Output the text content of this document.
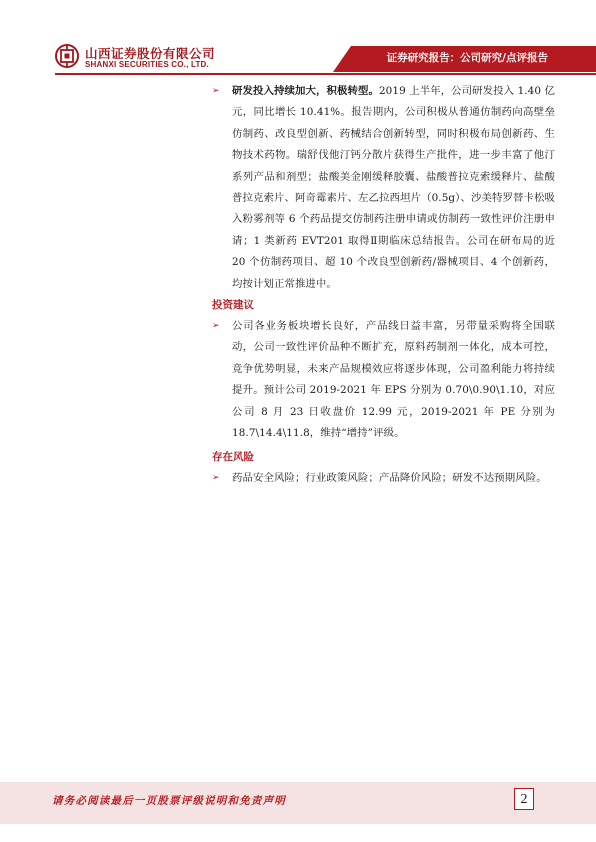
山西证券股份有限公司
SHANXI SECURITIES CO., LTD.
证券研究报告：公司研究/点评报告
➢ 研发投入持续加大，积极转型。2019 上半年，公司研发投入 1.40 亿元，同比增长 10.41%。报告期内，公司积极从普通仿制药向高壁垒仿制药、改良型创新、药械结合创新转型，同时积极布局创新药、生物技术药物。瑞舒伐他汀钙分散片获得生产批件，进一步丰富了他汀系列产品和剂型；盐酸美金刚缓释胶囊、盐酸普拉克索缓释片、盐酸普拉克索片、阿奇霉素片、左乙拉西坦片（0.5g）、沙美特罗替卡松吸入粉雾剂等 6 个药品提交仿制药注册申请或仿制药一致性评价注册申请；1 类新药 EVT201 取得Ⅱ期临床总结报告。公司在研布局的近 20 个仿制药项目、超 10 个改良型创新药/器械项目、4 个创新药，均按计划正常推进中。

投资建议

➢ 公司各业务板块增长良好，产品线日益丰富，另带量采购将全国联动，公司一致性评价品种不断扩充，原料药制剂一体化，成本可控，竞争优势明显，未来产品规模效应将逐步体现，公司盈利能力将持续提升。预计公司 2019-2021 年 EPS 分别为 0.70\0.90\1.10，对应公司 8 月 23 日收盘价 12.99 元，2019-2021 年 PE 分别为 18.7\14.4\11.8，维持“增持”评级。

存在风险

➢ 药品安全风险；行业政策风险；产品降价风险；研发不达预期风险。

请务必阅读最后一页股票评级说明和免责声明	2
